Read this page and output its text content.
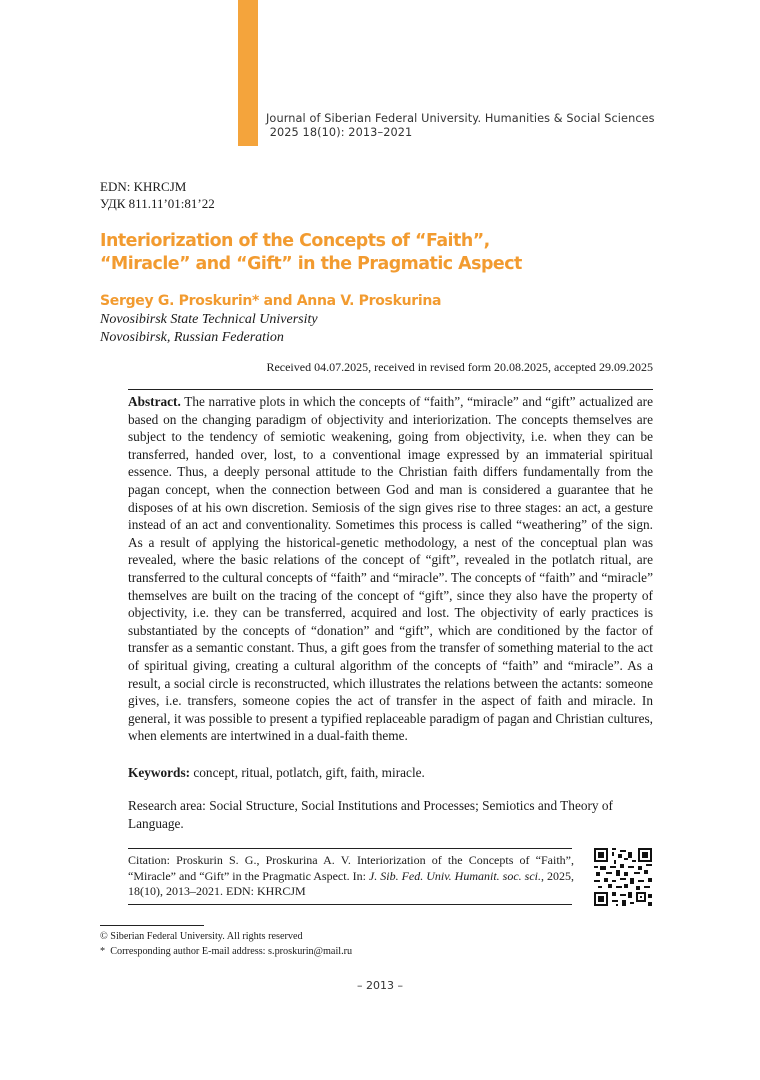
Journal of Siberian Federal University. Humanities & Social Sciences
2025 18(10): 2013–2021
EDN: KHRCJM
УДК 811.11’01:81’22
Interiorization of the Concepts of “Faith”,
“Miracle” and “Gift” in the Pragmatic Aspect
Sergey G. Proskurin* and Anna V. Proskurina
Novosibirsk State Technical University
Novosibirsk, Russian Federation
Received 04.07.2025, received in revised form 20.08.2025, accepted 29.09.2025
Abstract. The narrative plots in which the concepts of “faith”, “miracle” and “gift” actualized are based on the changing paradigm of objectivity and interiorization. The concepts themselves are subject to the tendency of semiotic weakening, going from objectivity, i.e. when they can be transferred, handed over, lost, to a conventional image expressed by an immaterial spiritual essence. Thus, a deeply personal attitude to the Christian faith differs fundamentally from the pagan concept, when the connection between God and man is considered a guarantee that he disposes of at his own discretion. Semiosis of the sign gives rise to three stages: an act, a gesture instead of an act and conventionality. Sometimes this process is called “weathering” of the sign. As a result of applying the historical-genetic methodology, a nest of the conceptual plan was revealed, where the basic relations of the concept of “gift”, revealed in the potlatch ritual, are transferred to the cultural concepts of “faith” and “miracle”. The concepts of “faith” and “miracle” themselves are built on the tracing of the concept of “gift”, since they also have the property of objectivity, i.e. they can be transferred, acquired and lost. The objectivity of early practices is substantiated by the concepts of “donation” and “gift”, which are conditioned by the factor of transfer as a semantic constant. Thus, a gift goes from the transfer of something material to the act of spiritual giving, creating a cultural algorithm of the concepts of “faith” and “miracle”. As a result, a social circle is reconstructed, which illustrates the relations between the actants: someone gives, i.e. transfers, someone copies the act of transfer in the aspect of faith and miracle. In general, it was possible to present a typified replaceable paradigm of pagan and Christian cultures, when elements are intertwined in a dual-faith theme.
Keywords: concept, ritual, potlatch, gift, faith, miracle.
Research area: Social Structure, Social Institutions and Processes; Semiotics and Theory of Language.
Citation: Proskurin S. G., Proskurina A. V. Interiorization of the Concepts of “Faith”, “Miracle” and “Gift” in the Pragmatic Aspect. In: J. Sib. Fed. Univ. Humanit. soc. sci., 2025, 18(10), 2013–2021. EDN: KHRCJM
© Siberian Federal University. All rights reserved
*  Corresponding author E-mail address: s.proskurin@mail.ru
– 2013 –
